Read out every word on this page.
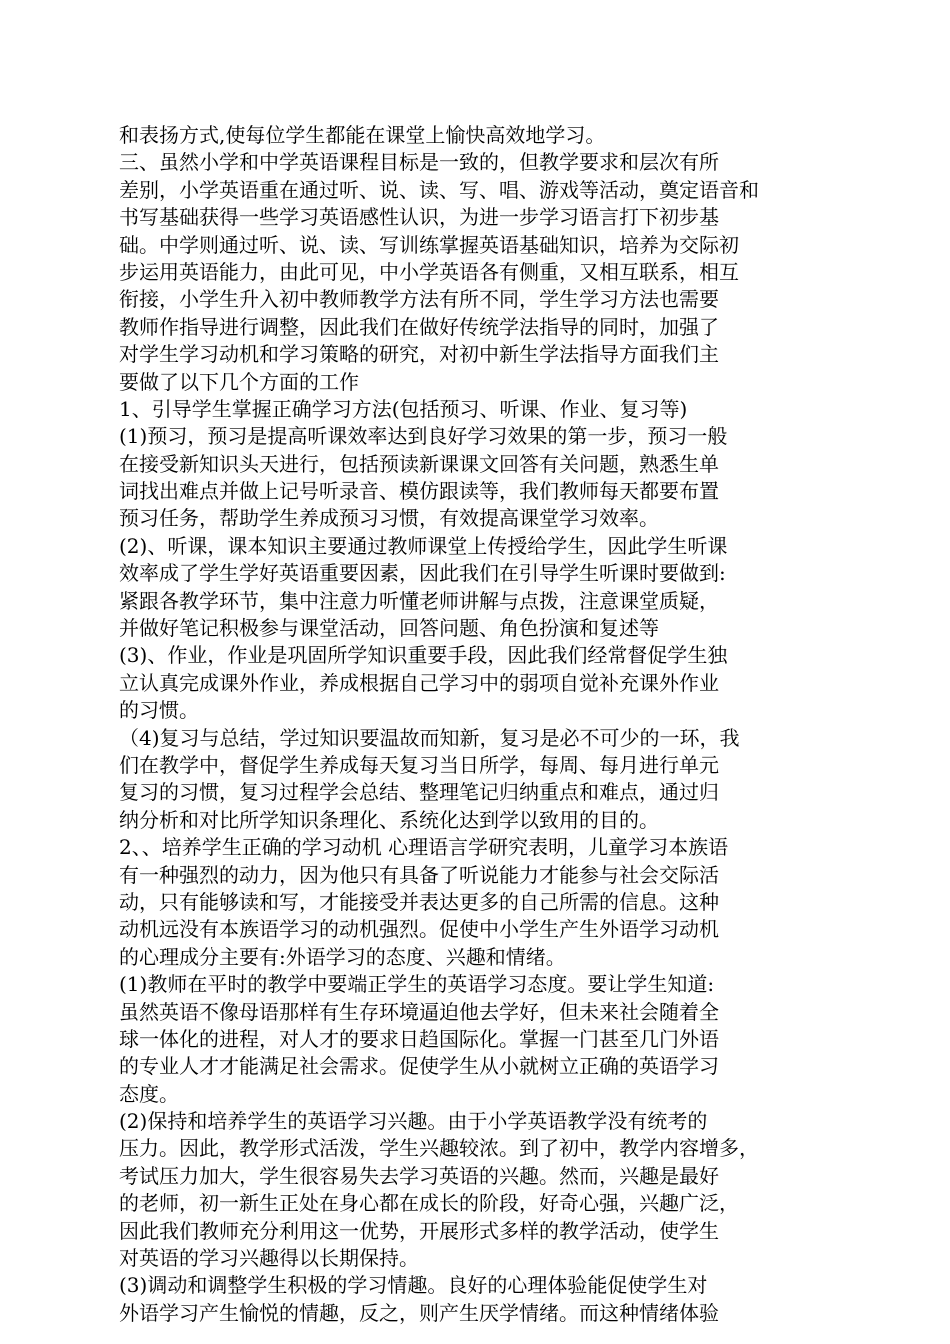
和表扬方式,使每位学生都能在课堂上愉快高效地学习。
三、虽然小学和中学英语课程目标是一致的，但教学要求和层次有所
差别，小学英语重在通过听、说、读、写、唱、游戏等活动，奠定语音和
书写基础获得一些学习英语感性认识，为进一步学习语言打下初步基
础。中学则通过听、说、读、写训练掌握英语基础知识，培养为交际初
步运用英语能力，由此可见，中小学英语各有侧重，又相互联系，相互
衔接，小学生升入初中教师教学方法有所不同，学生学习方法也需要
教师作指导进行调整，因此我们在做好传统学法指导的同时，加强了
对学生学习动机和学习策略的研究，对初中新生学法指导方面我们主
要做了以下几个方面的工作
1、引导学生掌握正确学习方法(包括预习、听课、作业、复习等)
(1)预习，预习是提高听课效率达到良好学习效果的第一步，预习一般
在接受新知识头天进行，包括预读新课课文回答有关问题，熟悉生单
词找出难点并做上记号听录音、模仿跟读等，我们教师每天都要布置
预习任务，帮助学生养成预习习惯，有效提高课堂学习效率。
(2)、听课，课本知识主要通过教师课堂上传授给学生，因此学生听课
效率成了学生学好英语重要因素，因此我们在引导学生听课时要做到:
紧跟各教学环节，集中注意力听懂老师讲解与点拨，注意课堂质疑，
并做好笔记积极参与课堂活动，回答问题、角色扮演和复述等
(3)、作业，作业是巩固所学知识重要手段，因此我们经常督促学生独
立认真完成课外作业，养成根据自己学习中的弱项自觉补充课外作业
的习惯。
（4)复习与总结，学过知识要温故而知新，复习是必不可少的一环，我
们在教学中，督促学生养成每天复习当日所学，每周、每月进行单元
复习的习惯，复习过程学会总结、整理笔记归纳重点和难点，通过归
纳分析和对比所学知识条理化、系统化达到学以致用的目的。
2、、培养学生正确的学习动机 心理语言学研究表明，儿童学习本族语
有一种强烈的动力，因为他只有具备了听说能力才能参与社会交际活
动，只有能够读和写，才能接受并表达更多的自己所需的信息。这种
动机远没有本族语学习的动机强烈。促使中小学生产生外语学习动机
的心理成分主要有:外语学习的态度、兴趣和情绪。
(1)教师在平时的教学中要端正学生的英语学习态度。要让学生知道:
虽然英语不像母语那样有生存环境逼迫他去学好，但未来社会随着全
球一体化的进程，对人才的要求日趋国际化。掌握一门甚至几门外语
的专业人才才能满足社会需求。促使学生从小就树立正确的英语学习
态度。
(2)保持和培养学生的英语学习兴趣。由于小学英语教学没有统考的
压力。因此，教学形式活泼，学生兴趣较浓。到了初中，教学内容增多，
考试压力加大，学生很容易失去学习英语的兴趣。然而，兴趣是最好
的老师，初一新生正处在身心都在成长的阶段，好奇心强，兴趣广泛，
因此我们教师充分利用这一优势，开展形式多样的教学活动，使学生
对英语的学习兴趣得以长期保持。
(3)调动和调整学生积极的学习情趣。良好的心理体验能促使学生对
外语学习产生愉悦的情趣，反之，则产生厌学情绪。而这种情绪体验
